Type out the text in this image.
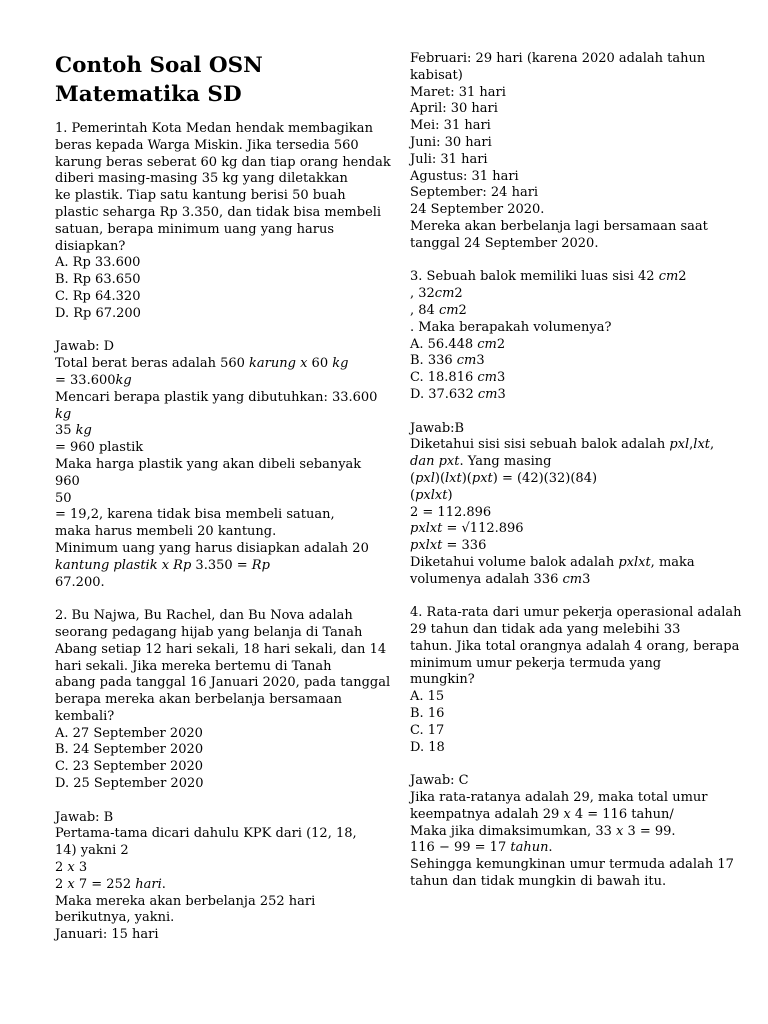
Contoh Soal OSN Matematika SD
1. Pemerintah Kota Medan hendak membagikan
beras kepada Warga Miskin. Jika tersedia 560
karung beras seberat 60 kg dan tiap orang hendak
diberi masing-masing 35 kg yang diletakkan
ke plastik. Tiap satu kantung berisi 50 buah
plastic seharga Rp 3.350, dan tidak bisa membeli
satuan, berapa minimum uang yang harus
disiapkan?
A. Rp 33.600
B. Rp 63.650
C. Rp 64.320
D. Rp 67.200
Jawab: D
Total berat beras adalah 560 𝑘𝑎𝑟𝑢𝑛𝑔 𝑥 60 𝑘𝑔
= 33.600𝑘𝑔
Mencari berapa plastik yang dibutuhkan: 33.600
𝑘𝑔
35 𝑘𝑔
= 960 plastik
Maka harga plastik yang akan dibeli sebanyak
960
50
= 19,2, karena tidak bisa membeli satuan,
maka harus membeli 20 kantung.
Minimum uang yang harus disiapkan adalah 20
𝑘𝑎𝑛𝑡𝑢𝑛𝑔 𝑝𝑙𝑎𝑠𝑡𝑖𝑘 𝑥 𝑅𝑝 3.350 = 𝑅𝑝
67.200.
2. Bu Najwa, Bu Rachel, dan Bu Nova adalah
seorang pedagang hijab yang belanja di Tanah
Abang setiap 12 hari sekali, 18 hari sekali, dan 14
hari sekali. Jika mereka bertemu di Tanah
abang pada tanggal 16 Januari 2020, pada tanggal
berapa mereka akan berbelanja bersamaan
kembali?
A. 27 September 2020
B. 24 September 2020
C. 23 September 2020
D. 25 September 2020
Jawab: B
Pertama-tama dicari dahulu KPK dari (12, 18,
14) yakni 2
2 𝑥 3
2 𝑥 7 = 252 ℎ𝑎𝑟𝑖.
Maka mereka akan berbelanja 252 hari
berikutnya, yakni.
Januari: 15 hari
Februari: 29 hari (karena 2020 adalah tahun
kabisat)
Maret: 31 hari
April: 30 hari
Mei: 31 hari
Juni: 30 hari
Juli: 31 hari
Agustus: 31 hari
September: 24 hari
24 September 2020.
Mereka akan berbelanja lagi bersamaan saat
tanggal 24 September 2020.
3. Sebuah balok memiliki luas sisi 42 𝑐𝑚2
, 32𝑐𝑚2
, 84 𝑐𝑚2
. Maka berapakah volumenya?
A. 56.448 𝑐𝑚2
B. 336 𝑐𝑚3
C. 18.816 𝑐𝑚3
D. 37.632 𝑐𝑚3
Jawab:B
Diketahui sisi sisi sebuah balok adalah 𝑝𝑥𝑙,𝑙𝑥𝑡,
𝑑𝑎𝑛 𝑝𝑥𝑡. Yang masing
(𝑝𝑥𝑙)(𝑙𝑥𝑡)(𝑝𝑥𝑡) = (42)(32)(84)
(𝑝𝑥𝑙𝑥𝑡)
2 = 112.896
𝑝𝑥𝑙𝑥𝑡 = √112.896
𝑝𝑥𝑙𝑥𝑡 = 336
Diketahui volume balok adalah 𝑝𝑥𝑙𝑥𝑡, maka
volumenya adalah 336 𝑐𝑚3
4. Rata-rata dari umur pekerja operasional adalah
29 tahun dan tidak ada yang melebihi 33
tahun. Jika total orangnya adalah 4 orang, berapa
minimum umur pekerja termuda yang
mungkin?
A. 15
B. 16
C. 17
D. 18
Jawab: C
Jika rata-ratanya adalah 29, maka total umur
keempatnya adalah 29 𝑥 4 = 116 tahun/
Maka jika dimaksimumkan, 33 𝑥 3 = 99.
116 − 99 = 17 𝑡𝑎ℎ𝑢𝑛.
Sehingga kemungkinan umur termuda adalah 17
tahun dan tidak mungkin di bawah itu.
